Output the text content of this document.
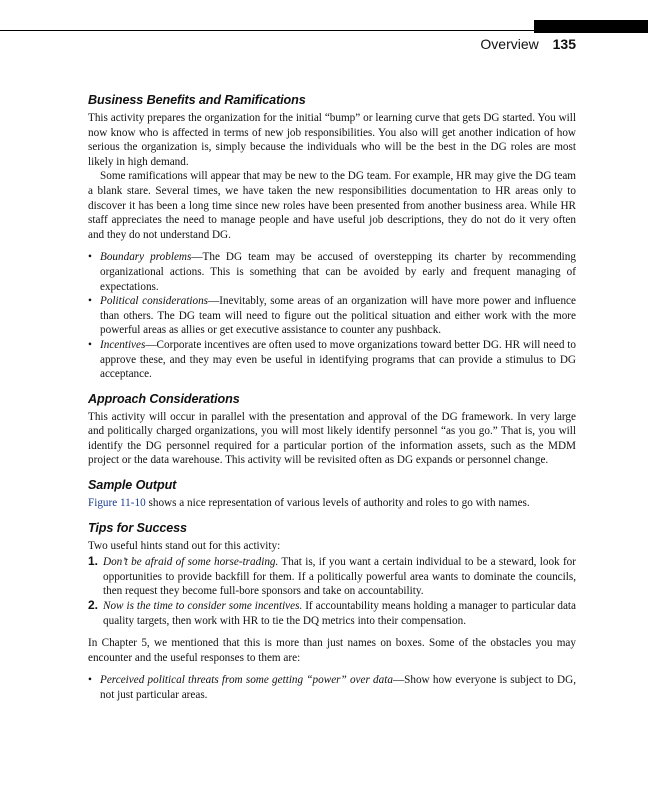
Overview 135
Business Benefits and Ramifications

This activity prepares the organization for the initial “bump” or learning curve that gets DG started. You will now know who is affected in terms of new job responsibilities. You also will get another indication of how serious the organization is, simply because the individuals who will be the best in the DG roles are most likely in high demand.

Some ramifications will appear that may be new to the DG team. For example, HR may give the DG team a blank stare. Several times, we have taken the new responsibilities documentation to HR areas only to discover it has been a long time since new roles have been presented from another business area. While HR staff appreciates the need to manage people and have useful job descriptions, they do not do it very often and they do not understand DG.

• Boundary problems—The DG team may be accused of overstepping its charter by recommending organizational actions. This is something that can be avoided by early and frequent managing of expectations.
• Political considerations—Inevitably, some areas of an organization will have more power and influence than others. The DG team will need to figure out the political situation and either work with the more powerful areas as allies or get executive assistance to counter any pushback.
• Incentives—Corporate incentives are often used to move organizations toward better DG. HR will need to approve these, and they may even be useful in identifying programs that can provide a stimulus to DG acceptance.
Approach Considerations

This activity will occur in parallel with the presentation and approval of the DG framework. In very large and politically charged organizations, you will most likely identify personnel “as you go.” That is, you will identify the DG personnel required for a particular portion of the information assets, such as the MDM project or the data warehouse. This activity will be revisited often as DG expands or personnel change.

Sample Output

Figure 11-10 shows a nice representation of various levels of authority and roles to go with names.

Tips for Success

Two useful hints stand out for this activity:

1. Don’t be afraid of some horse-trading. That is, if you want a certain individual to be a steward, look for opportunities to provide backfill for them. If a politically powerful area wants to dominate the councils, then request they become full-bore sponsors and take on accountability.
2. Now is the time to consider some incentives. If accountability means holding a manager to particular data quality targets, then work with HR to tie the DQ metrics into their compensation.

In Chapter 5, we mentioned that this is more than just names on boxes. Some of the obstacles you may encounter and the useful responses to them are:

• Perceived political threats from some getting “power” over data—Show how everyone is subject to DG, not just particular areas.
